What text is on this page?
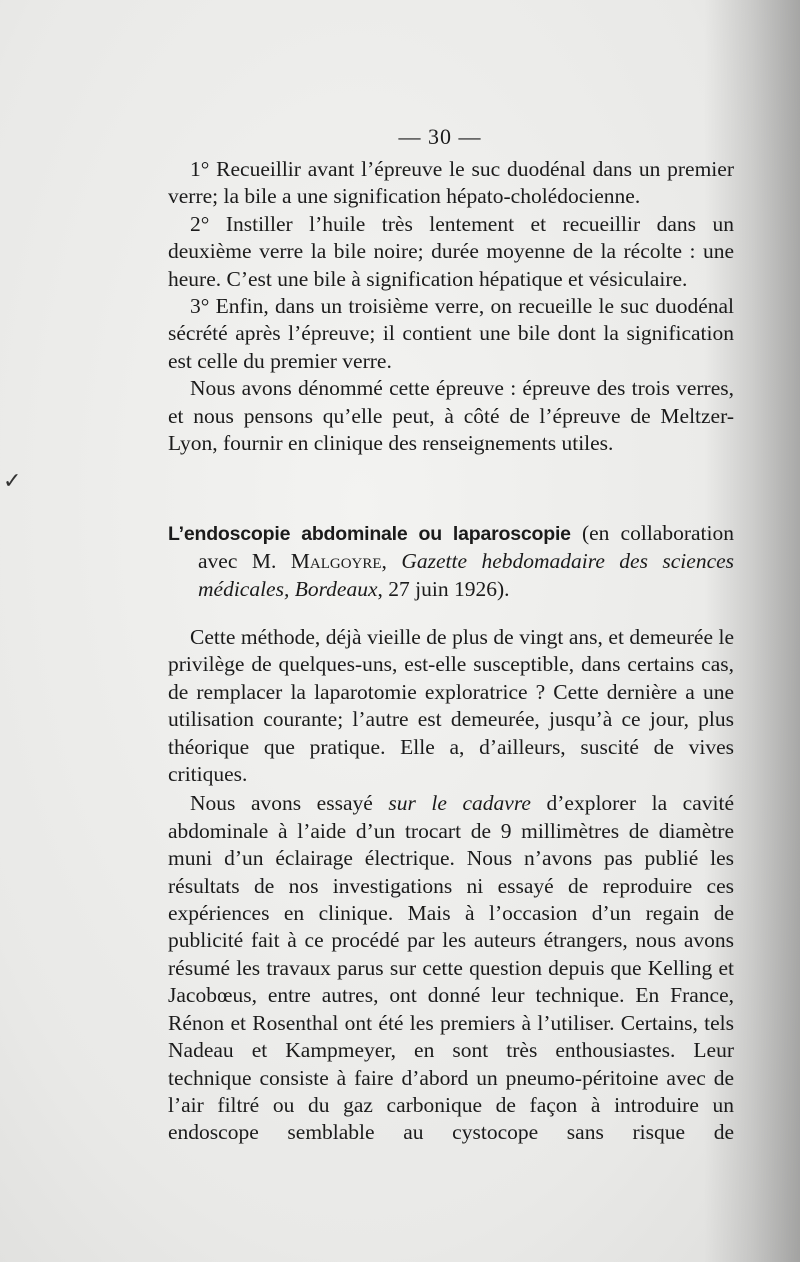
— 30 —
✓

1° Recueillir avant l’épreuve le suc duodénal dans un premier verre; la bile a une signification hépato-cholédocienne.

2° Instiller l’huile très lentement et recueillir dans un deuxième verre la bile noire; durée moyenne de la récolte : une heure. C’est une bile à signification hépatique et vésiculaire.

3° Enfin, dans un troisième verre, on recueille le suc duodénal sécrété après l’épreuve; il contient une bile dont la signification est celle du premier verre.

Nous avons dénommé cette épreuve : épreuve des trois verres, et nous pensons qu’elle peut, à côté de l’épreuve de Meltzer-Lyon, fournir en clinique des renseignements utiles.

L’endoscopie abdominale ou laparoscopie (en collaboration avec M. Malgoyre, Gazette hebdomadaire des sciences médicales, Bordeaux, 27 juin 1926).

Cette méthode, déjà vieille de plus de vingt ans, et demeurée le privilège de quelques-uns, est-elle susceptible, dans certains cas, de remplacer la laparotomie exploratrice ? Cette dernière a une utilisation courante; l’autre est demeurée, jusqu’à ce jour, plus théorique que pratique. Elle a, d’ailleurs, suscité de vives critiques.

Nous avons essayé sur le cadavre d’explorer la cavité abdominale à l’aide d’un trocart de 9 millimètres de diamètre muni d’un éclairage électrique. Nous n’avons pas publié les résultats de nos investigations ni essayé de reproduire ces expériences en clinique. Mais à l’occasion d’un regain de publicité fait à ce procédé par les auteurs étrangers, nous avons résumé les travaux parus sur cette question depuis que Kelling et Jacobœus, entre autres, ont donné leur technique. En France, Rénon et Rosenthal ont été les premiers à l’utiliser. Certains, tels Nadeau et Kampmeyer, en sont très enthousiastes. Leur technique consiste à faire d’abord un pneumo-péritoine avec de l’air filtré ou du gaz carbonique de façon à introduire un endoscope semblable au cystocope sans risque de
